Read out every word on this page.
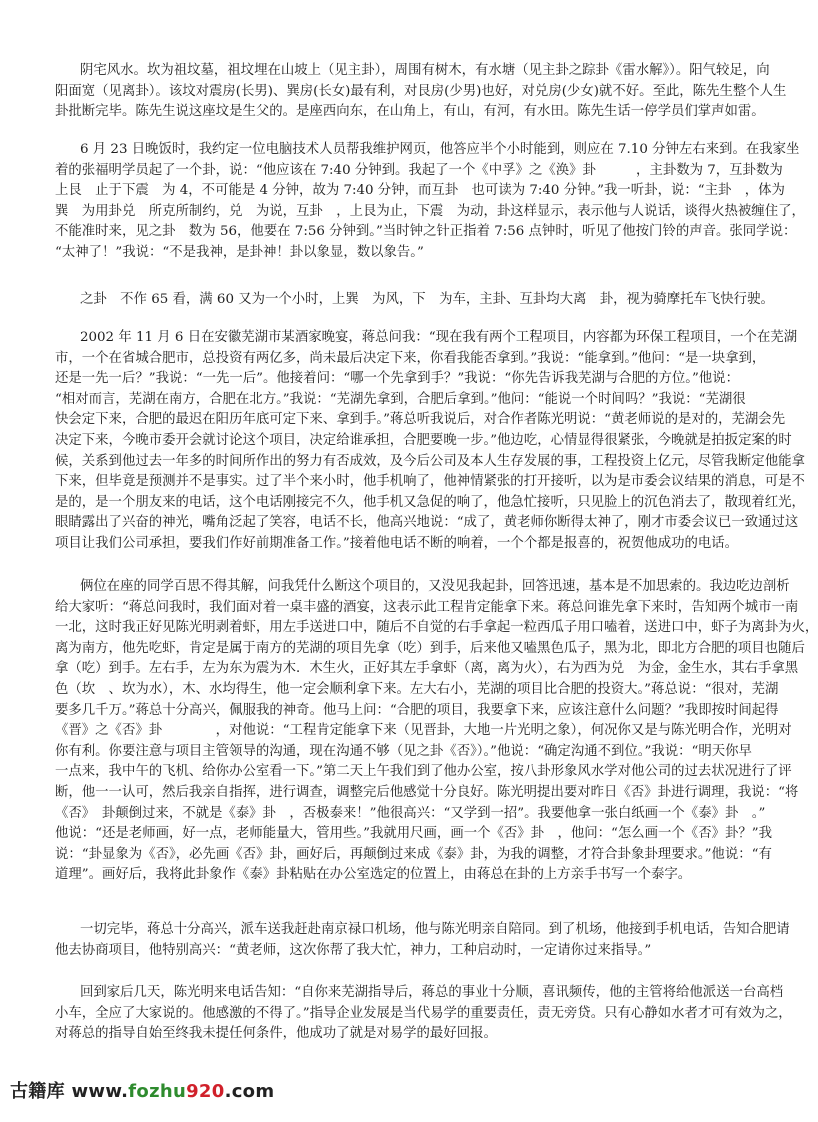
阴宅风水。坎为祖坟墓，祖坟埋在山坡上（见主卦），周围有树木，有水塘（见主卦之踪卦《雷水解》）。阳气较足，向
阳面宽（见离卦）。该坟对震房(长男)、巽房(长女)最有利，对艮房(少男)也好，对兑房(少女)就不好。至此，陈先生整个人生
卦批断完毕。陈先生说这座坟是生父的。是座西向东，在山角上，有山，有河，有水田。陈先生话一停学员们掌声如雷。
6 月 23 日晚饭时，我约定一位电脑技术人员帮我维护网页，他答应半个小时能到，则应在 7.10 分钟左右来到。在我家坐
着的张福明学员起了一个卦，说：“他应该在 7:40 分钟到。我起了一个《中孚》之《涣》卦　　　，主卦数为 7，互卦数为
上艮　止于下震　为 4，不可能是 4 分钟，故为 7:40 分钟，而互卦　也可读为 7:40 分钟。”我一听卦，说：“主卦　，体为
巽　为用卦兑　所克所制约，兑　为说，互卦　，上艮为止，下震　为动，卦这样显示，表示他与人说话，谈得火热被缠住了，
不能准时来，见之卦　数为 56，他要在 7:56 分钟到。”当时钟之针正指着 7:56 点钟时，听见了他按门铃的声音。张同学说：
“太神了！”我说：“不是我神，是卦神！卦以象显，数以象告。”
之卦　不作 65 看，满 60 又为一个小时，上巽　为风，下　为车，主卦、互卦均大离　卦，视为骑摩托车飞快行驶。
2002 年 11 月 6 日在安徽芜湖市某酒家晚宴，蒋总问我：“现在我有两个工程项目，内容都为环保工程项目，一个在芜湖
市，一个在省城合肥市，总投资有两亿多，尚未最后决定下来，你看我能否拿到。”我说：“能拿到。”他问：“是一块拿到，
还是一先一后？”我说：“一先一后”。他接着问：“哪一个先拿到手？”我说：“你先告诉我芜湖与合肥的方位。”他说：
“相对而言，芜湖在南方，合肥在北方。”我说：“芜湖先拿到，合肥后拿到。”他问：“能说一个时间吗？”我说：“芜湖很
快会定下来，合肥的最迟在阳历年底可定下来、拿到手。”蒋总听我说后，对合作者陈光明说：“黄老师说的是对的，芜湖会先
决定下来，今晚市委开会就讨论这个项目，决定给谁承担，合肥要晚一步。”他边吃，心情显得很紧张，今晚就是拍扳定案的时
候，关系到他过去一年多的时间所作出的努力有否成效，及今后公司及本人生存发展的事，工程投资上亿元，尽管我断定他能拿
下来，但毕竟是预测并不是事实。过了半个来小时，他手机响了，他神情紧张的打开接听，以为是市委会议结果的消息，可是不
是的，是一个朋友来的电话，这个电话刚接完不久，他手机又急促的响了，他急忙接听，只见脸上的沉色消去了，散现着红光，
眼睛露出了兴奋的神光，嘴角泛起了笑容，电话不长，他高兴地说：“成了，黄老师你断得太神了，刚才市委会议已一致通过这
项目让我们公司承担，要我们作好前期准备工作。”接着他电话不断的响着，一个个都是报喜的，祝贺他成功的电话。
俩位在座的同学百思不得其解，问我凭什么断这个项目的，又没见我起卦，回答迅速，基本是不加思索的。我边吃边剖析
给大家听：“蒋总问我时，我们面对着一桌丰盛的酒宴，这表示此工程肯定能拿下来。蒋总问谁先拿下来时，告知两个城市一南
一北，这时我正好见陈光明剥着虾，用左手送进口中，随后不自觉的右手拿起一粒西瓜子用口嗑着，送进口中，虾子为离卦为火，
离为南方，他先吃虾，肯定是属于南方的芜湖的项目先拿（吃）到手，后来他又嗑黑色瓜子，黑为北，即北方合肥的项目也随后
拿（吃）到手。左右手，左为东为震为木．木生火，正好其左手拿虾（离，离为火），右为西为兑　为金，金生水，其右手拿黑
色（坎　、坎为水），木、水均得生，他一定会顺利拿下来。左大右小，芜湖的项目比合肥的投资大。”蒋总说：“很对，芜湖
要多几千万。”蒋总十分高兴，佩服我的神奇。他马上问：“合肥的项目，我要拿下来，应该注意什么问题？”我即按时间起得
《晋》之《否》卦　　　　，对他说：“工程肯定能拿下来（见晋卦，大地一片光明之象），何况你又是与陈光明合作，光明对
你有利。你要注意与项目主管领导的沟通，现在沟通不够（见之卦《否》）。”他说：“确定沟通不到位。”我说：“明天你早
一点来，我中午的飞机、给你办公室看一下。”第二天上午我们到了他办公室，按八卦形象风水学对他公司的过去状况进行了评
断，他一一认可，然后我亲自指挥，进行调查，调整完后他感觉十分良好。陈光明提出要对昨日《否》卦进行调理，我说：“将
《否》　卦颠倒过来，不就是《泰》卦　，否极泰来！”他很高兴：“又学到一招”。我要他拿一张白纸画一个《泰》卦　。”
他说：“还是老师画，好一点，老师能量大，管用些。”我就用尺画，画一个《否》卦　，他问：“怎么画一个《否》卦？”我
说：“卦显象为《否》，必先画《否》卦，画好后，再颠倒过来成《泰》卦，为我的调整，才符合卦象卦理要求。”他说：“有
道理”。画好后，我将此卦象作《泰》卦粘贴在办公室选定的位置上，由蒋总在卦的上方亲手书写一个泰字。
一切完毕，蒋总十分高兴，派车送我赶赴南京禄口机场，他与陈光明亲自陪同。到了机场，他接到手机电话，告知合肥请
他去协商项目，他特别高兴：“黄老师，这次你帮了我大忙，神力，工种启动时，一定请你过来指导。”
回到家后几天，陈光明来电话告知：“自你来芜湖指导后，蒋总的事业十分顺，喜讯频传，他的主管将给他派送一台高档
小车，全应了大家说的。他感激的不得了。”指导企业发展是当代易学的重要责任，责无旁贷。只有心静如水者才可有效为之，
对蒋总的指导自始至终我未提任何条件，他成功了就是对易学的最好回报。
古籍库 www.fozhu920.com
